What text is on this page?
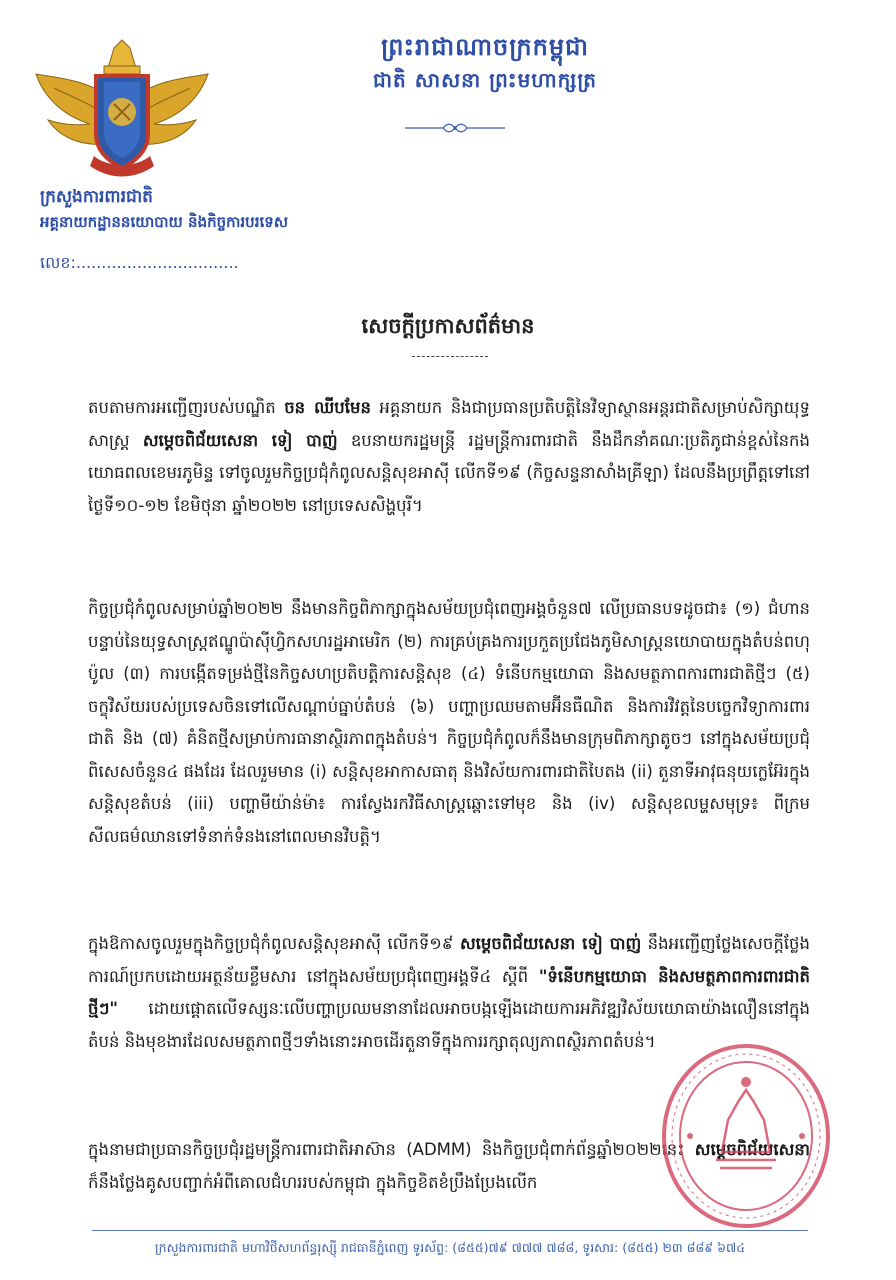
ព្រះរាជាណាចក្រកម្ពុជា
ជាតិ សាសនា ព្រះមហាក្សត្រ
ក្រសួងការពារជាតិ
អគ្គនាយកដ្ឋាននយោបាយ និងកិច្ចការបរទេស
លេខ:................................
សេចក្តីប្រកាសព័ត៌មាន

តបតាមការអញ្ជើញរបស់បណ្ឌិត ចន ឈីបមែន អគ្គនាយក និងជាប្រធានប្រតិបត្តិនៃវិទ្យាស្ថានអន្តរជាតិសម្រាប់សិក្សាយុទ្ធសាស្ត្រ សម្ដេចពិជ័យសេនា ទៀ បាញ់ ឧបនាយករដ្ឋមន្រ្តី រដ្ឋមន្រ្តីការពារជាតិ នឹងដឹកនាំគណៈប្រតិភូជាន់ខ្ពស់នៃកងយោធពលខេមរភូមិន្ទ ទៅចូលរួមកិច្ចប្រជុំកំពូលសន្តិសុខអាស៊ី លើកទី១៩ (កិច្ចសន្ទនាសាំងគ្រីឡា) ដែលនឹងប្រព្រឹត្តទៅនៅថ្ងៃទី១០-១២ ខែមិថុនា ឆ្នាំ២០២២ នៅប្រទេសសិង្ហបុរី។

កិច្ចប្រជុំកំពូលសម្រាប់ឆ្នាំ២០២២ នឹងមានកិច្ចពិភាក្សាក្នុងសម័យប្រជុំពេញអង្គចំនួន៧ លើប្រធានបទដូចជា៖ (១) ជំហានបន្ទាប់នៃយុទ្ធសាស្ត្រឥណ្ឌូប៉ាស៊ីហ្វិកសហរដ្ឋអាមេរិក (២) ការគ្រប់គ្រងការប្រកួតប្រជែងភូមិសាស្ត្រនយោបាយក្នុងតំបន់ពហុប៉ូល (៣) ការបង្កើតទម្រង់ថ្មីនៃកិច្ចសហប្រតិបត្តិការសន្តិសុខ (៤) ទំនើបកម្មយោធា និងសមត្ថភាពការពារជាតិថ្មីៗ (៥) ចក្ខុវិស័យរបស់ប្រទេសចិនទៅលើសណ្តាប់ធ្នាប់តំបន់ (៦) បញ្ហាប្រឈមតាមអ៊ីនធឺណិត និងការវិវត្តនៃបច្ចេកវិទ្យាការពារជាតិ និង (៧) គំនិតថ្មីសម្រាប់ការធានាស្ថិរភាពក្នុងតំបន់។ កិច្ចប្រជុំកំពូលក៏នឹងមានក្រុមពិភាក្សាតូចៗ នៅក្នុងសម័យប្រជុំពិសេសចំនួន៤ ផងដែរ ដែលរួមមាន (i) សន្តិសុខអាកាសធាតុ និងវិស័យការពារជាតិបៃតង (ii) តួនាទីអាវុធនុយក្លេអ៊ែរក្នុងសន្តិសុខតំបន់ (iii) បញ្ហាមីយ៉ាន់ម៉ា៖ ការស្វែងរកវិធីសាស្ត្រឆ្ពោះទៅមុខ និង (iv) សន្តិសុខលម្ហសមុទ្រ៖ ពីក្រមសីលធម៌ឈានទៅទំនាក់ទំនងនៅពេលមានវិបត្តិ។

ក្នុងឱកាសចូលរួមក្នុងកិច្ចប្រជុំកំពូលសន្តិសុខអាស៊ី លើកទី១៩ សម្តេចពិជ័យសេនា ទៀ បាញ់ នឹងអញ្ជើញថ្លែងសេចក្តីថ្លែងការណ៍ប្រកបដោយអត្ថន័យខ្លឹមសារ នៅក្នុងសម័យប្រជុំពេញអង្គទី៤ ស្តីពី "ទំនើបកម្មយោធា និងសមត្ថភាពការពារជាតិថ្មីៗ" ដោយផ្តោតលើទស្សនៈលើបញ្ហាប្រឈមនានាដែលអាចបង្កឡើងដោយការអភិវឌ្ឍវិស័យយោធាយ៉ាងលឿននៅក្នុងតំបន់ និងមុខងារដែលសមត្ថភាពថ្មីៗទាំងនោះអាចដើរតួនាទីក្នុងការរក្សាតុល្យភាពស្ថិរភាពតំបន់។

ក្នុងនាមជាប្រធានកិច្ចប្រជុំរដ្ឋមន្រ្តីការពារជាតិអាស៊ាន (ADMM) និងកិច្ចប្រជុំពាក់ព័ន្ធឆ្នាំ២០២២នេះ សម្តេចពិជ័យសេនា ក៏នឹងថ្លែងគូសបញ្ជាក់អំពីគោលជំហររបស់កម្ពុជា ក្នុងកិច្ចខិតខំប្រឹងប្រែងលើក

ក្រសួងការពារជាតិ មហាវិថីសហព័ន្ធរុស្ស៊ី រាជធានីភ្នំពេញ ទូរស័ព្ទ: (៨៥៥)៧៩ ៧៧៧ ៧៨៨, ទូរសារ: (៨៥៥) ២៣ ៨៨៩ ៦៧៤
